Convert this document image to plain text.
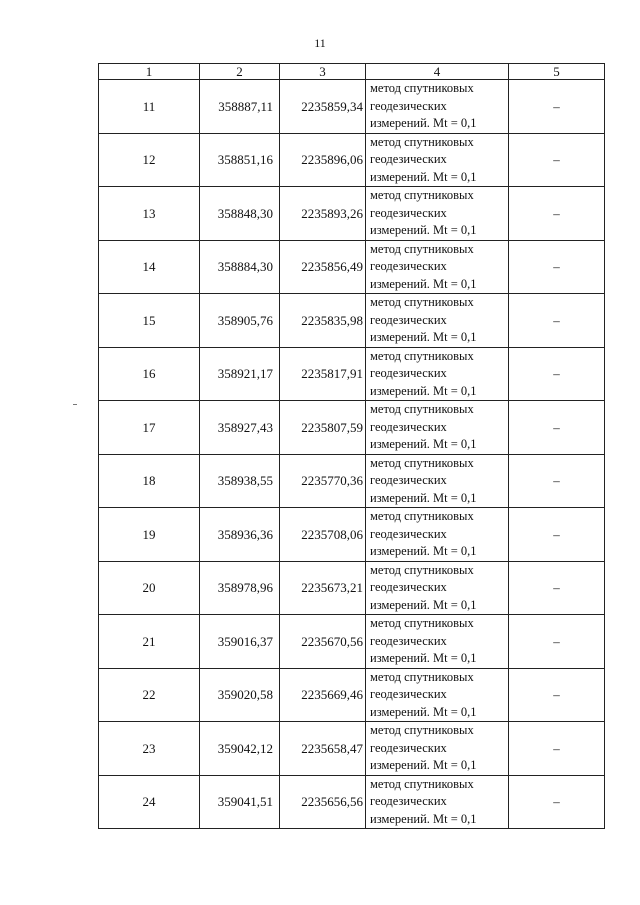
11
1	2	3	4	5
11	358887,11	2235859,34	метод спутниковых
геодезических
измерений. Mt = 0,1	–
12	358851,16	2235896,06	метод спутниковых
геодезических
измерений. Mt = 0,1	–
13	358848,30	2235893,26	метод спутниковых
геодезических
измерений. Mt = 0,1	–
14	358884,30	2235856,49	метод спутниковых
геодезических
измерений. Mt = 0,1	–
15	358905,76	2235835,98	метод спутниковых
геодезических
измерений. Mt = 0,1	–
16	358921,17	2235817,91	метод спутниковых
геодезических
измерений. Mt = 0,1	–
17	358927,43	2235807,59	метод спутниковых
геодезических
измерений. Mt = 0,1	–
18	358938,55	2235770,36	метод спутниковых
геодезических
измерений. Mt = 0,1	–
19	358936,36	2235708,06	метод спутниковых
геодезических
измерений. Mt = 0,1	–
20	358978,96	2235673,21	метод спутниковых
геодезических
измерений. Mt = 0,1	–
21	359016,37	2235670,56	метод спутниковых
геодезических
измерений. Mt = 0,1	–
22	359020,58	2235669,46	метод спутниковых
геодезических
измерений. Mt = 0,1	–
23	359042,12	2235658,47	метод спутниковых
геодезических
измерений. Mt = 0,1	–
24	359041,51	2235656,56	метод спутниковых
геодезических
измерений. Mt = 0,1	–
